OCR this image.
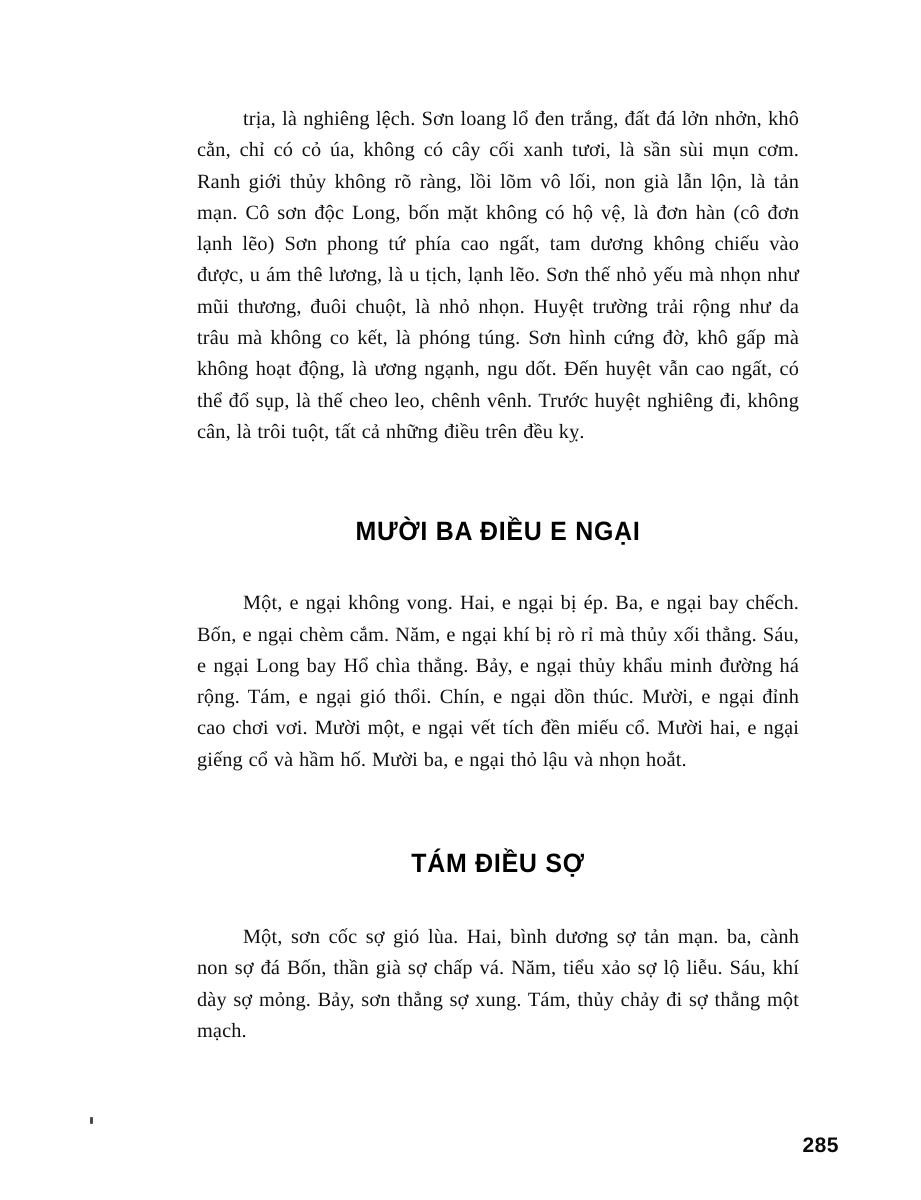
trịa, là nghiêng lệch. Sơn loang lổ đen trắng, đất đá lởn nhởn, khô cằn, chỉ có cỏ úa, không có cây cối xanh tươi, là sần sùi mụn cơm. Ranh giới thủy không rõ ràng, lồi lõm vô lối, non già lẫn lộn, là tản mạn. Cô sơn độc Long, bốn mặt không có hộ vệ, là đơn hàn (cô đơn lạnh lẽo) Sơn phong tứ phía cao ngất, tam dương không chiếu vào được, u ám thê lương, là u tịch, lạnh lẽo. Sơn thế nhỏ yếu mà nhọn như mũi thương, đuôi chuột, là nhỏ nhọn. Huyệt trường trải rộng như da trâu mà không co kết, là phóng túng. Sơn hình cứng đờ, khô gấp mà không hoạt động, là ương ngạnh, ngu dốt. Đến huyệt vẫn cao ngất, có thể đổ sụp, là thế cheo leo, chênh vênh. Trước huyệt nghiêng đi, không cân, là trôi tuột, tất cả những điều trên đều kỵ.

MƯỜI BA ĐIỀU E NGẠI

Một, e ngại không vong. Hai, e ngại bị ép. Ba, e ngại bay chếch. Bốn, e ngại chèm cắm. Năm, e ngại khí bị rò rỉ mà thủy xối thẳng. Sáu, e ngại Long bay Hổ chìa thẳng. Bảy, e ngại thủy khẩu minh đường há rộng. Tám, e ngại gió thổi. Chín, e ngại dồn thúc. Mười, e ngại đỉnh cao chơi vơi. Mười một, e ngại vết tích đền miếu cổ. Mười hai, e ngại giếng cổ và hầm hố. Mười ba, e ngại thỏ lậu và nhọn hoắt.

TÁM ĐIỀU SỢ

Một, sơn cốc sợ gió lùa. Hai, bình dương sợ tản mạn. ba, cành non sợ đá Bốn, thần già sợ chấp vá. Năm, tiểu xảo sợ lộ liễu. Sáu, khí dày sợ mỏng. Bảy, sơn thẳng sợ xung. Tám, thủy chảy đi sợ thẳng một mạch.

285
